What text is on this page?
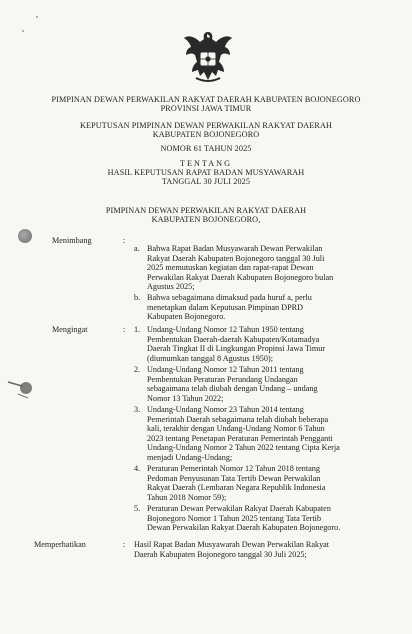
PIMPINAN DEWAN PERWAKILAN RAKYAT DAERAH KABUPATEN BOJONEGORO
PROVINSI JAWA TIMUR
KEPUTUSAN PIMPINAN DEWAN PERWAKILAN RAKYAT DAERAH
KABUPATEN BOJONEGORO
NOMOR 61 TAHUN 2025
TENTANG
HASIL KEPUTUSAN RAPAT BADAN MUSYAWARAH
TANGGAL 30 JULI 2025
PIMPINAN DEWAN PERWAKILAN RAKYAT DAERAH
KABUPATEN BOJONEGORO,
Menimbang	:
a. Bahwa Rapat Badan Musyawarah Dewan Perwakilan
Rakyat Daerah Kabupaten Bojonegoro tanggal 30 Juli
2025 memutuskan kegiatan dan rapat-rapat Dewan
Perwakilan Rakyat Daerah Kabupaten Bojonegoro bulan
Agustus 2025;
b. Bahwa sebagaimana dimaksud pada huruf a, perlu
menetapkan dalam Keputusan Pimpinan DPRD
Kabupaten Bojonegoro.
Mengingat	: 1. Undang-Undang Nomor 12 Tahun 1950 tentang
Pembentukan Daerah-daerah Kabupaten/Kotamadya
Daerah Tingkat II di Lingkungan Propinsi Jawa Timur
(diumumkan tanggal 8 Agustus 1950);
2. Undang-Undang Nomor 12 Tahun 2011 tentang
Pembentukan Peraturan Perundang Undangan
sebagaimana telah diubah dengan Undang – undang
Nomor 13 Tahun 2022;
3. Undang-Undang Nomor 23 Tahun 2014 tentang
Pemerintah Daerah sebagaimana telah diubah beberapa
kali, terakhir dengan Undang-Undang Nomor 6 Tahun
2023 tentang Penetapan Peraturan Pemerintah Pengganti
Undang-Undang Nomor 2 Tahun 2022 tentang Cipta Kerja
menjadi Undang-Undang;
4. Peraturan Pemerintah Nomor 12 Tahun 2018 tentang
Pedoman Penyusunan Tata Tertib Dewan Perwakilan
Rakyat Daerah (Lembaran Negara Republik Indonesia
Tahun 2018 Nomor 59);
5. Peraturan Dewan Perwakilan Rakyat Daerah Kabupaten
Bojonegoro Nomor 1 Tahun 2025 tentang Tata Tertib
Dewan Perwakilan Rakyat Daerah Kabupaten Bojonegoro.
Memperhatikan	: Hasil Rapat Badan Musyawarah Dewan Perwakilan Rakyat
Daerah Kabupaten Bojonegoro tanggal 30 Juli 2025;
